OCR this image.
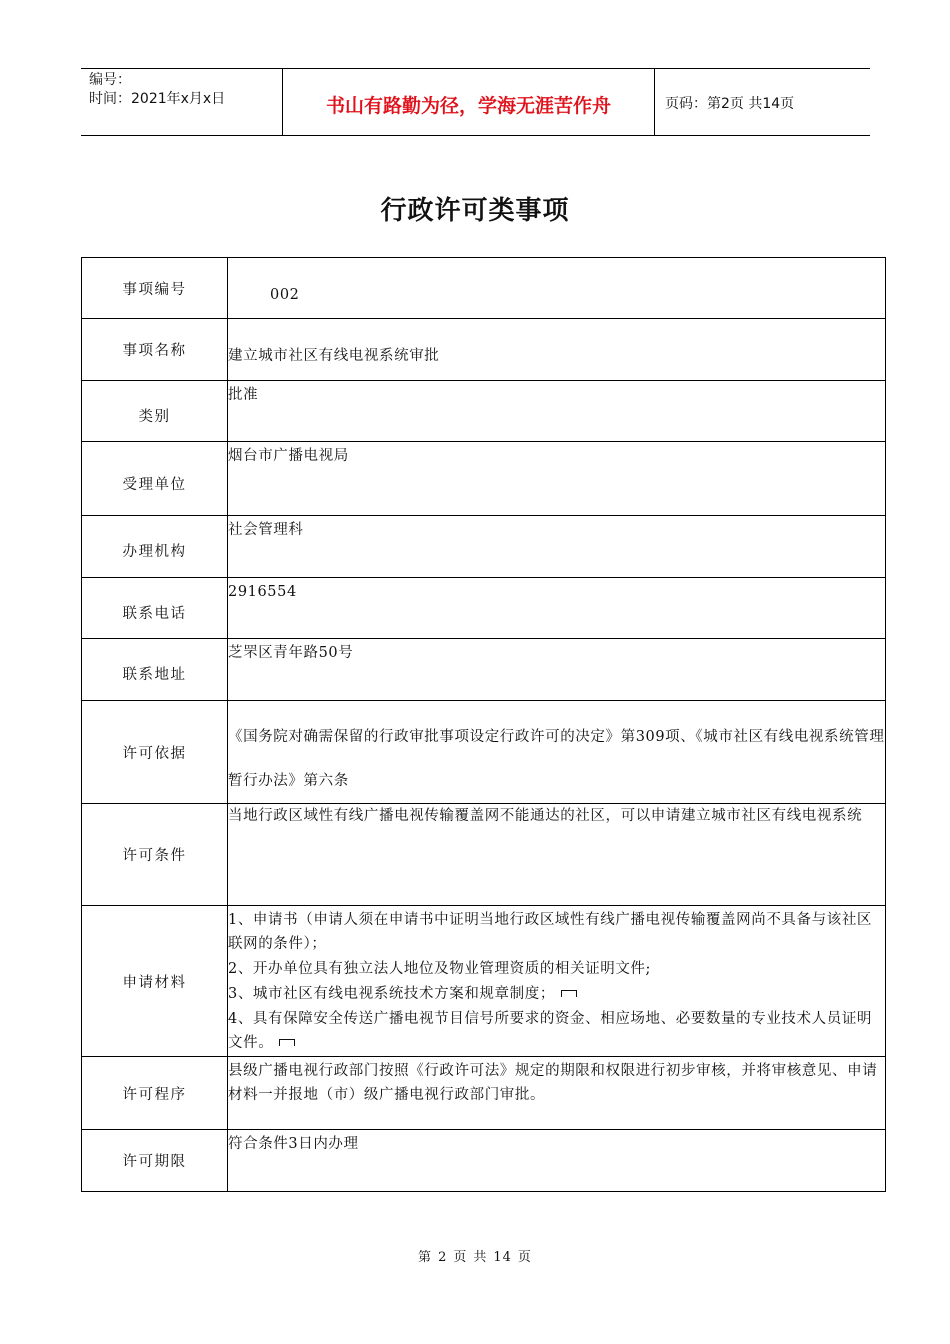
编号：
时间：2021年x月x日	书山有路勤为径，学海无涯苦作舟	页码：第2页 共14页
行政许可类事项
事项编号	002
事项名称	建立城市社区有线电视系统审批
类别	批准
受理单位	烟台市广播电视局
办理机构	社会管理科
联系电话	2916554
联系地址	芝罘区青年路50号
许可依据	《国务院对确需保留的行政审批事项设定行政许可的决定》第309项、《城市社区有线电视系统管理暂行办法》第六条
许可条件	当地行政区域性有线广播电视传输覆盖网不能通达的社区，可以申请建立城市社区有线电视系统
申请材料	1、申请书（申请人须在申请书中证明当地行政区域性有线广播电视传输覆盖网尚不具备与该社区联网的条件）；
2、开办单位具有独立法人地位及物业管理资质的相关证明文件;
3、城市社区有线电视系统技术方案和规章制度；
4、具有保障安全传送广播电视节目信号所要求的资金、相应场地、必要数量的专业技术人员证明文件。

许可程序	县级广播电视行政部门按照《行政许可法》规定的期限和权限进行初步审核，并将审核意见、申请材料一并报地（市）级广播电视行政部门审批。
许可期限	符合条件3日内办理
第 2 页 共 14 页
